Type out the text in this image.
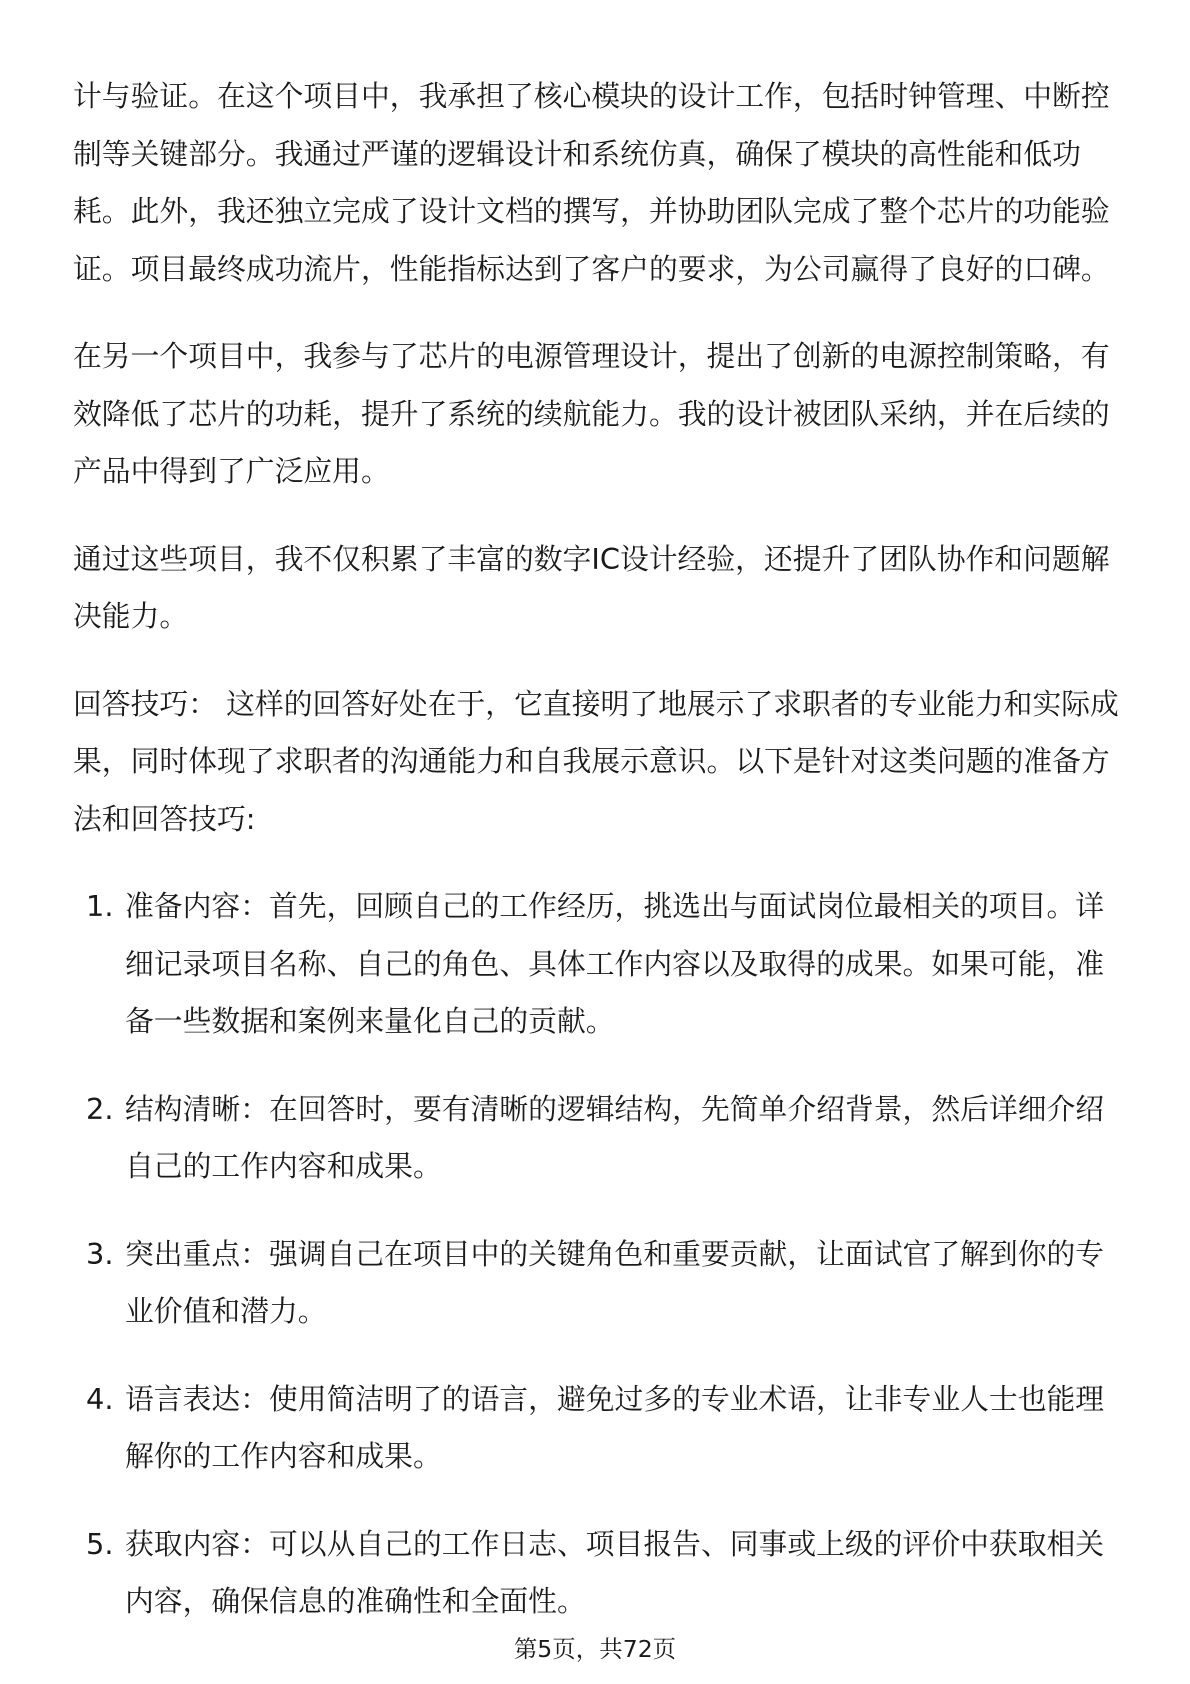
计与验证。在这个项目中，我承担了核心模块的设计工作，包括时钟管理、中断控
制等关键部分。我通过严谨的逻辑设计和系统仿真，确保了模块的高性能和低功
耗。此外，我还独立完成了设计文档的撰写，并协助团队完成了整个芯片的功能验
证。项目最终成功流片，性能指标达到了客户的要求，为公司赢得了良好的口碑。
在另一个项目中，我参与了芯片的电源管理设计，提出了创新的电源控制策略，有
效降低了芯片的功耗，提升了系统的续航能力。我的设计被团队采纳，并在后续的
产品中得到了广泛应用。
通过这些项目，我不仅积累了丰富的数字IC设计经验，还提升了团队协作和问题解
决能力。
回答技巧： 这样的回答好处在于，它直接明了地展示了求职者的专业能力和实际成
果，同时体现了求职者的沟通能力和自我展示意识。以下是针对这类问题的准备方
法和回答技巧:
1. 准备内容：首先，回顾自己的工作经历，挑选出与面试岗位最相关的项目。详
细记录项目名称、自己的角色、具体工作内容以及取得的成果。如果可能，准
备一些数据和案例来量化自己的贡献。
2. 结构清晰：在回答时，要有清晰的逻辑结构，先简单介绍背景，然后详细介绍
自己的工作内容和成果。
3. 突出重点：强调自己在项目中的关键角色和重要贡献，让面试官了解到你的专
业价值和潜力。
4. 语言表达：使用简洁明了的语言，避免过多的专业术语，让非专业人士也能理
解你的工作内容和成果。
5. 获取内容：可以从自己的工作日志、项目报告、同事或上级的评价中获取相关
内容，确保信息的准确性和全面性。
第5页，共72页
